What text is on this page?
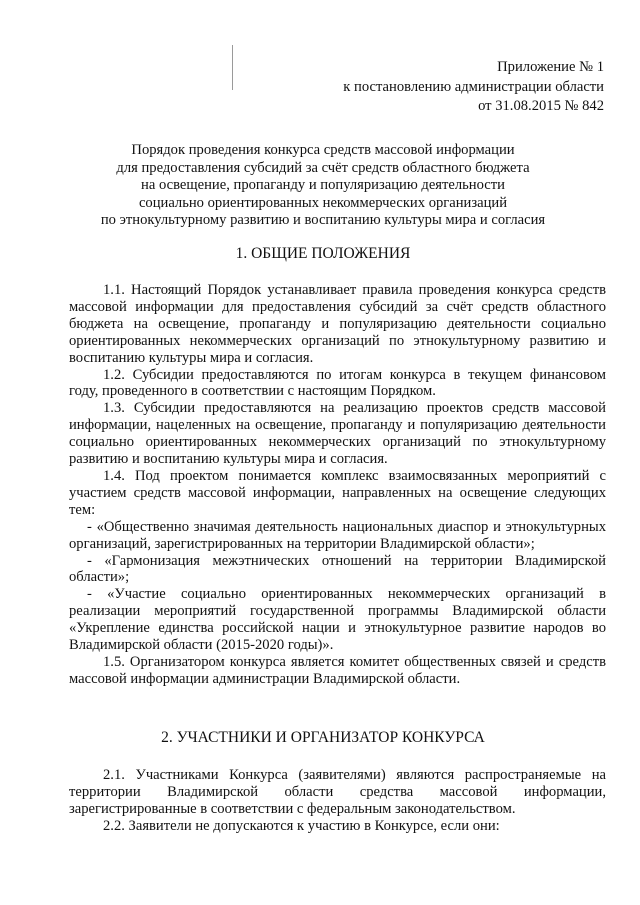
Приложение № 1
к постановлению администрации области
от 31.08.2015 № 842
Порядок проведения конкурса средств массовой информации
для предоставления субсидий за счёт средств областного бюджета
на освещение, пропаганду и популяризацию деятельности
социально ориентированных некоммерческих организаций
по этнокультурному развитию и воспитанию культуры мира и согласия
1. ОБЩИЕ ПОЛОЖЕНИЯ

1.1. Настоящий Порядок устанавливает правила проведения конкурса средств массовой информации для предоставления субсидий за счёт средств областного бюджета на освещение, пропаганду и популяризацию деятельности социально ориентированных некоммерческих организаций по этнокультурному развитию и воспитанию культуры мира и согласия.

1.2. Субсидии предоставляются по итогам конкурса в текущем финансовом году, проведенного в соответствии с настоящим Порядком.

1.3. Субсидии предоставляются на реализацию проектов средств массовой информации, нацеленных на освещение, пропаганду и популяризацию деятельности социально ориентированных некоммерческих организаций по этнокультурному развитию и воспитанию культуры мира и согласия.

1.4. Под проектом понимается комплекс взаимосвязанных мероприятий с участием средств массовой информации, направленных на освещение следующих тем:

- «Общественно значимая деятельность национальных диаспор и этнокультурных организаций, зарегистрированных на территории Владимирской области»;

- «Гармонизация межэтнических отношений на территории Владимирской области»;

- «Участие социально ориентированных некоммерческих организаций в реализации мероприятий государственной программы Владимирской области «Укрепление единства российской нации и этнокультурное развитие народов во Владимирской области (2015-2020 годы)».

1.5. Организатором конкурса является комитет общественных связей и средств массовой информации администрации Владимирской области.

2. УЧАСТНИКИ И ОРГАНИЗАТОР КОНКУРСА

2.1. Участниками Конкурса (заявителями) являются распространяемые на территории Владимирской области средства массовой информации, зарегистрированные в соответствии с федеральным законодательством.

2.2. Заявители не допускаются к участию в Конкурсе, если они:
